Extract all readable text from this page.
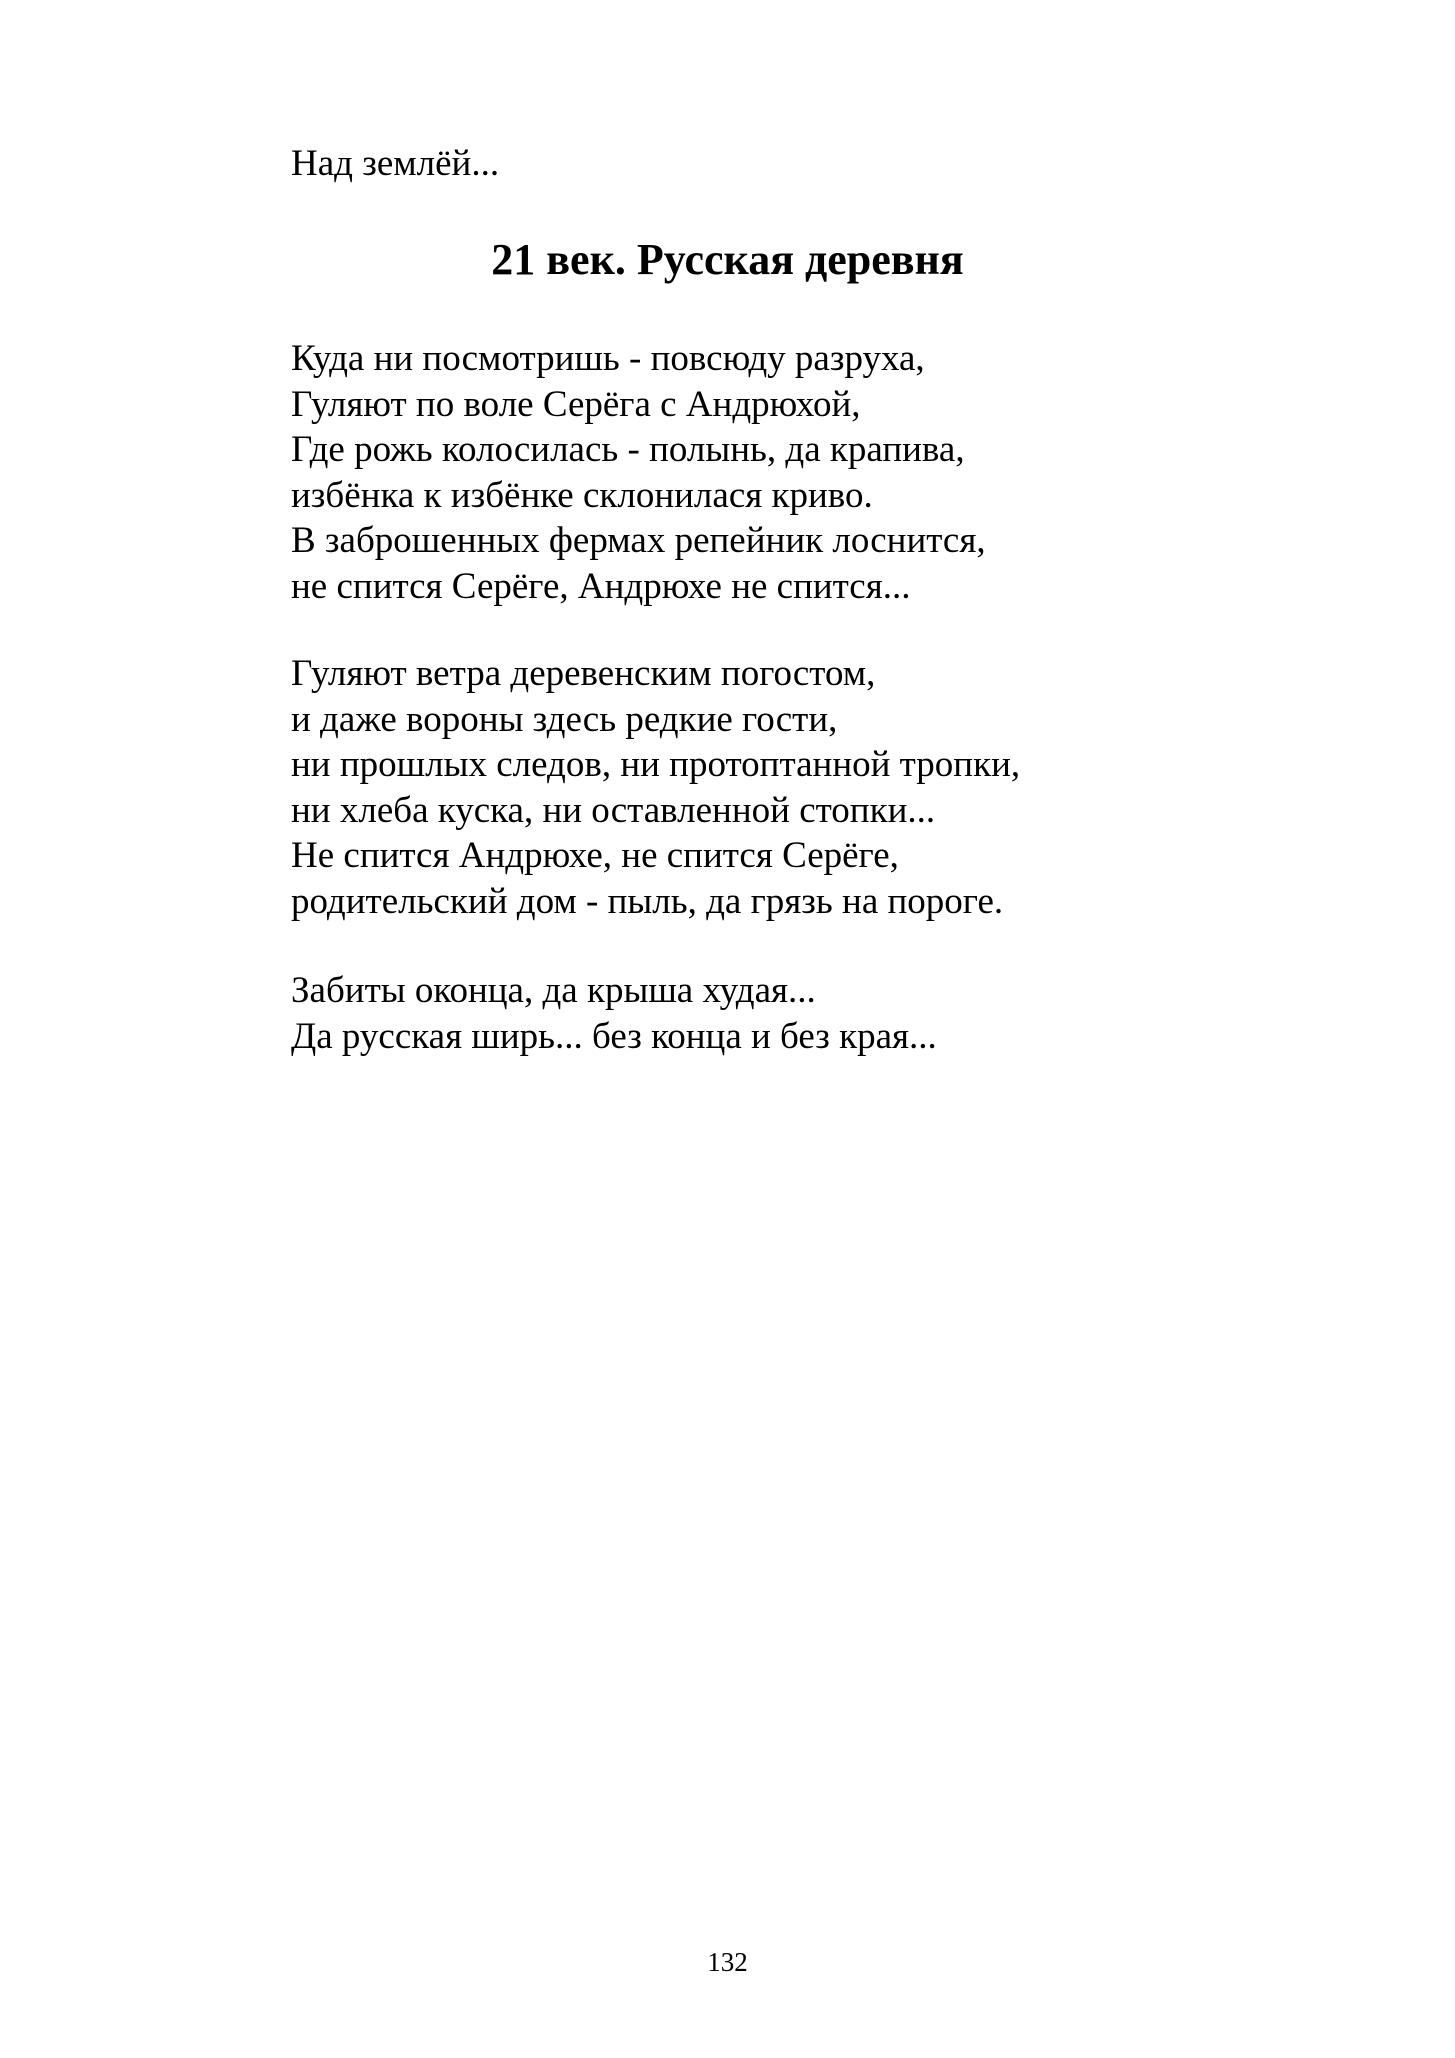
Над землёй...
21 век. Русская деревня
Куда ни посмотришь - повсюду разруха,
Гуляют по воле Серёга с Андрюхой,
Где рожь колосилась - полынь, да крапива,
избёнка к избёнке склонилася криво.
В заброшенных фермах репейник лоснится,
не спится Серёге, Андрюхе не спится...
Гуляют ветра деревенским погостом,
и даже вороны здесь редкие гости,
ни прошлых следов, ни протоптанной тропки,
ни хлеба куска, ни оставленной стопки...
Не спится Андрюхе, не спится Серёге,
родительский дом - пыль, да грязь на пороге.
Забиты оконца, да крыша худая...
Да русская ширь... без конца и без края...
132
